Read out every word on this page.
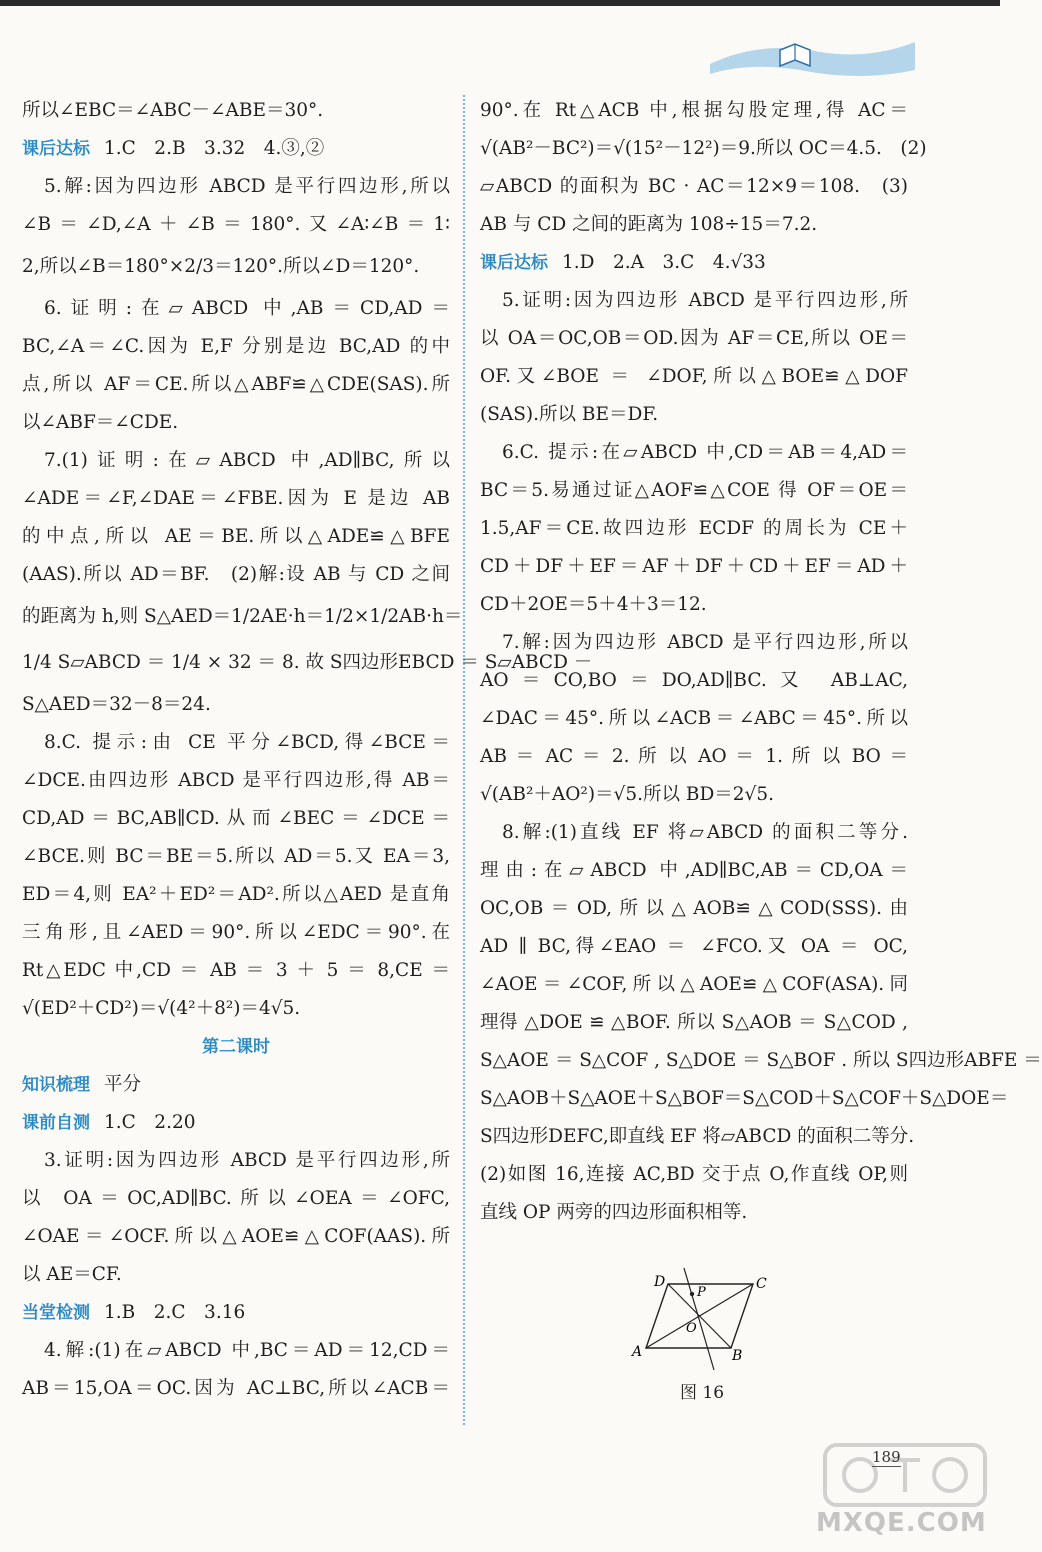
所以∠EBC＝∠ABC－∠ABE＝30°.
课后达标 1.C　2.B　3.32　4.③,②
5.解:因为四边形 ABCD 是平行四边形,所以
∠B＝∠D,∠A＋∠B＝180°.又∠A∶∠B＝1∶
2,所以∠B＝180°×2/3＝120°.所以∠D＝120°.
6.证明:在▱ABCD 中,AB＝CD,AD＝
BC,∠A＝∠C.因为 E,F 分别是边 BC,AD 的中
点,所以 AF＝CE.所以△ABF≌△CDE(SAS).所
以∠ABF＝∠CDE.
7.(1)证明:在▱ABCD 中,AD∥BC,所以
∠ADE＝∠F,∠DAE＝∠FBE.因为 E 是边 AB
的中点,所以 AE＝BE.所以△ADE≌△BFE
(AAS).所以 AD＝BF.　(2)解:设 AB 与 CD 之间
的距离为 h,则 S△AED＝1/2AE·h＝1/2×1/2AB·h＝
1/4 S▱ABCD ＝ 1/4 × 32 ＝ 8. 故 S四边形EBCD ＝ S▱ABCD －
S△AED＝32－8＝24.
8.C. 提示:由 CE 平分∠BCD,得∠BCE＝
∠DCE.由四边形 ABCD 是平行四边形,得 AB＝
CD,AD＝BC,AB∥CD.从而∠BEC＝∠DCE＝
∠BCE.则 BC＝BE＝5.所以 AD＝5.又 EA＝3,
ED＝4,则 EA²＋ED²＝AD².所以△AED 是直角
三角形,且∠AED＝90°.所以∠EDC＝90°.在
Rt△EDC 中,CD ＝ AB ＝ 3 ＋ 5 ＝ 8,CE ＝
√(ED²＋CD²)＝√(4²＋8²)＝4√5.
第二课时
知识梳理 平分
课前自测 1.C　2.20
3.证明:因为四边形 ABCD 是平行四边形,所
以 OA＝OC,AD∥BC.所以∠OEA＝∠OFC,
∠OAE＝∠OCF.所以△AOE≌△COF(AAS).所
以 AE＝CF.
当堂检测 1.B　2.C　3.16
4.解:(1)在▱ABCD 中,BC＝AD＝12,CD＝
AB＝15,OA＝OC.因为 AC⊥BC,所以∠ACB＝
90°.在 Rt△ACB 中,根据勾股定理,得 AC＝
√(AB²－BC²)＝√(15²－12²)＝9.所以 OC＝4.5.　(2)
▱ABCD 的面积为 BC · AC＝12×9＝108.　(3)
AB 与 CD 之间的距离为 108÷15＝7.2.
课后达标 1.D　2.A　3.C　4.√33
5.证明:因为四边形 ABCD 是平行四边形,所
以 OA＝OC,OB＝OD.因为 AF＝CE,所以 OE＝
OF.又∠BOE ＝ ∠DOF,所以△BOE≌△DOF
(SAS).所以 BE＝DF.
6.C. 提示:在▱ABCD 中,CD＝AB＝4,AD＝
BC＝5.易通过证△AOF≌△COE 得 OF＝OE＝
1.5,AF＝CE.故四边形 ECDF 的周长为 CE＋
CD＋DF＋EF＝AF＋DF＋CD＋EF＝AD＋
CD＋2OE＝5＋4＋3＝12.
7.解:因为四边形 ABCD 是平行四边形,所以
AO＝CO,BO＝DO,AD∥BC.又 AB⊥AC,
∠DAC＝45°.所以∠ACB＝∠ABC＝45°.所以
AB ＝ AC ＝ 2. 所 以 AO ＝ 1. 所 以 BO ＝
√(AB²＋AO²)＝√5.所以 BD＝2√5.
8.解:(1)直线 EF 将▱ABCD 的面积二等分.
理由:在▱ABCD 中,AD∥BC,AB＝CD,OA＝
OC,OB＝OD,所以△AOB≌△COD(SSS).由
AD ∥ BC,得∠EAO ＝ ∠FCO.又 OA ＝ OC,
∠AOE＝∠COF,所以△AOE≌△COF(ASA).同
理得 △DOE ≌ △BOF. 所以 S△AOB ＝ S△COD ,
S△AOE ＝ S△COF , S△DOE ＝ S△BOF . 所以 S四边形ABFE ＝
S△AOB＋S△AOE＋S△BOF＝S△COD＋S△COF＋S△DOE＝
S四边形DEFC,即直线 EF 将▱ABCD 的面积二等分.
(2)如图 16,连接 AC,BD 交于点 O,作直线 OP,则
直线 OP 两旁的四边形面积相等.
D	C
A	B
P
O
图 16
189
MXQE.COM
